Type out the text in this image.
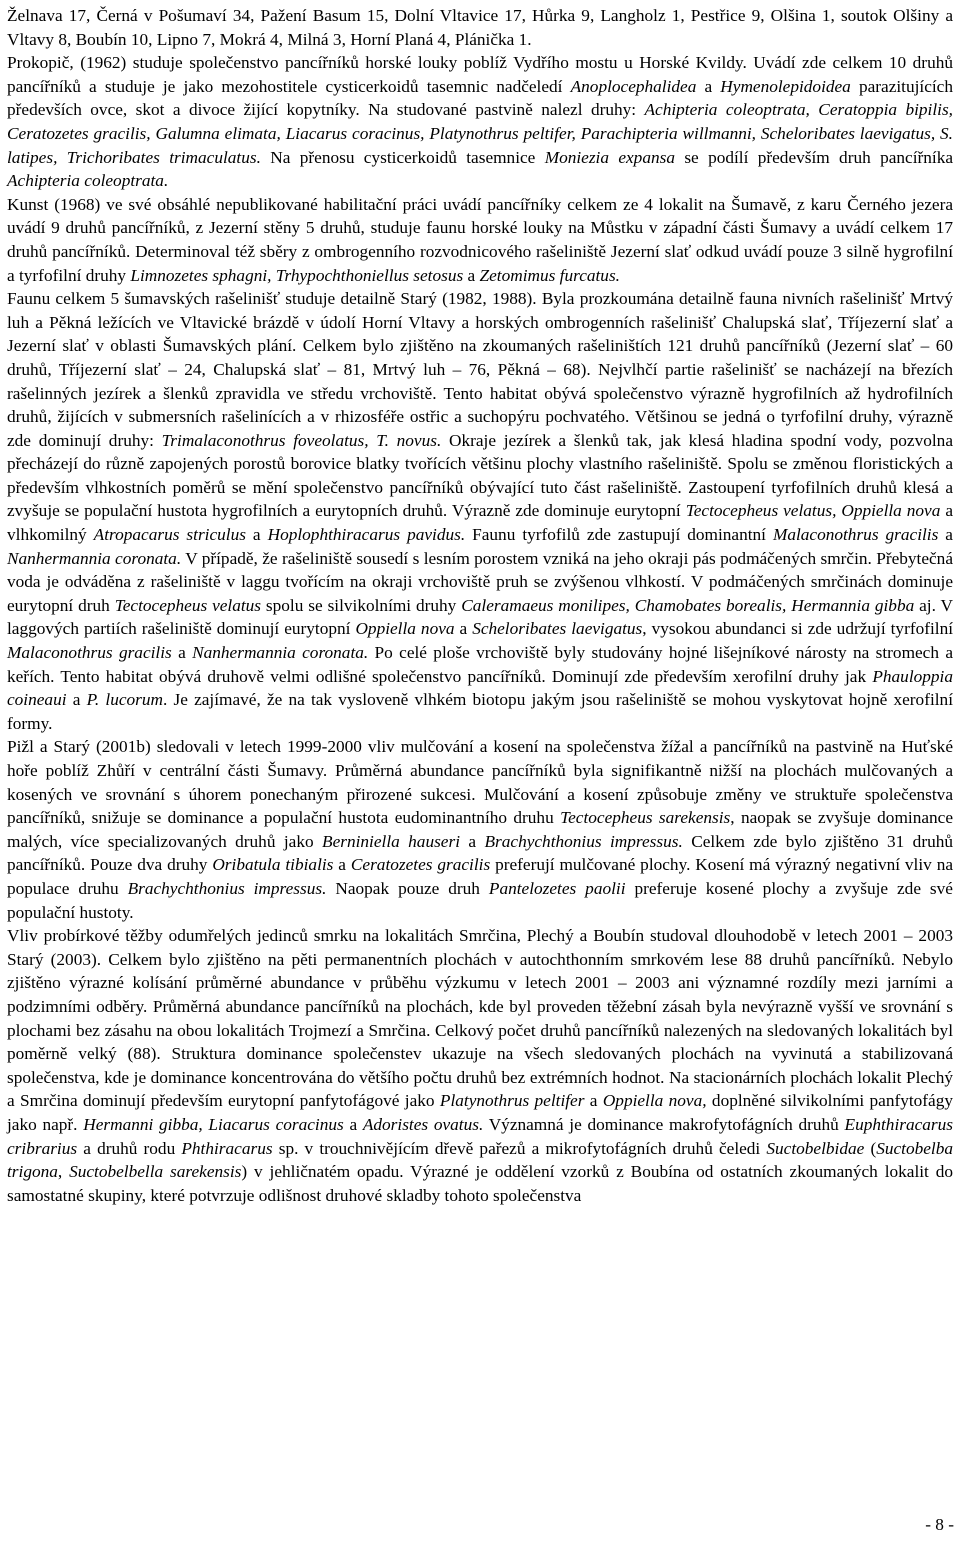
Želnava 17, Černá v Pošumaví 34, Pažení Basum 15, Dolní Vltavice 17, Hůrka 9, Langholz 1, Pestřice 9, Olšina 1, soutok Olšiny a Vltavy 8, Boubín 10, Lipno 7, Mokrá 4, Milná 3, Horní Planá 4, Plánička 1.

Prokopič, (1962) studuje společenstvo pancířníků horské louky poblíž Vydřího mostu u Horské Kvildy. Uvádí zde celkem 10 druhů pancířníků a studuje je jako mezohostitele cysticerkoidů tasemnic nadčeledí Anoplocephalidea a Hymenolepidoidea parazitujících předevších ovce, skot a divoce žijící kopytníky. Na studované pastvině nalezl druhy: Achipteria coleoptrata, Ceratoppia bipilis, Ceratozetes gracilis, Galumna elimata, Liacarus coracinus, Platynothrus peltifer, Parachipteria willmanni, Scheloribates laevigatus, S. latipes, Trichoribates trimaculatus. Na přenosu cysticerkoidů tasemnice Moniezia expansa se podílí především druh pancířníka Achipteria coleoptrata.

Kunst (1968) ve své obsáhlé nepublikované habilitační práci uvádí pancířníky celkem ze 4 lokalit na Šumavě, z karu Černého jezera uvádí 9 druhů pancířníků, z Jezerní stěny 5 druhů, studuje faunu horské louky na Můstku v západní části Šumavy a uvádí celkem 17 druhů pancířníků. Determinoval též sběry z ombrogenního rozvodnicového rašeliniště Jezerní slať odkud uvádí pouze 3 silně hygrofilní a tyrfofilní druhy Limnozetes sphagni, Trhypochthoniellus setosus a Zetomimus furcatus.

Faunu celkem 5 šumavských rašelinišť studuje detailně Starý (1982, 1988). Byla prozkoumána detailně fauna nivních rašelinišť Mrtvý luh a Pěkná ležících ve Vltavické brázdě v údolí Horní Vltavy a horských ombrogenních rašelinišť Chalupská slať, Tříjezerní slať a Jezerní slať v oblasti Šumavských plání. Celkem bylo zjištěno na zkoumaných rašeliništích 121 druhů pancířníků (Jezerní slať – 60 druhů, Tříjezerní slať – 24, Chalupská slať – 81, Mrtvý luh – 76, Pěkná – 68). Nejvlhčí partie rašelinišť se nacházejí na březích rašelinných jezírek a šlenků zpravidla ve středu vrchoviště. Tento habitat obývá společenstvo výrazně hygrofilních až hydrofilních druhů, žijících v submersních rašelinících a v rhizosféře ostřic a suchopýru pochvatého. Většinou se jedná o tyrfofilní druhy, výrazně zde dominují druhy: Trimalaconothrus foveolatus, T. novus. Okraje jezírek a šlenků tak, jak klesá hladina spodní vody, pozvolna přecházejí do různě zapojených porostů borovice blatky tvořících většinu plochy vlastního rašeliniště. Spolu se změnou floristických a především vlhkostních poměrů se mění společenstvo pancířníků obývající tuto část rašeliniště. Zastoupení tyrfofilních druhů klesá a zvyšuje se populační hustota hygrofilních a eurytopních druhů. Výrazně zde dominuje eurytopní Tectocepheus velatus, Oppiella nova a vlhkomilný Atropacarus striculus a Hoplophthiracarus pavidus. Faunu tyrfofilů zde zastupují dominantní Malaconothrus gracilis a Nanhermannia coronata. V případě, že rašeliniště sousedí s lesním porostem vzniká na jeho okraji pás podmáčených smrčin. Přebytečná voda je odváděna z rašeliniště v laggu tvořícím na okraji vrchoviště pruh se zvýšenou vlhkostí. V podmáčených smrčinách dominuje eurytopní druh Tectocepheus velatus spolu se silvikolními druhy Caleramaeus monilipes, Chamobates borealis, Hermannia gibba aj. V laggových partiích rašeliniště dominují eurytopní Oppiella nova a Scheloribates laevigatus, vysokou abundanci si zde udržují tyrfofilní Malaconothrus gracilis a Nanhermannia coronata. Po celé ploše vrchoviště byly studovány hojné lišejníkové nárosty na stromech a keřích. Tento habitat obývá druhově velmi odlišné společenstvo pancířníků. Dominují zde především xerofilní druhy jak Phauloppia coineaui a P. lucorum. Je zajímavé, že na tak vysloveně vlhkém biotopu jakým jsou rašeliniště se mohou vyskytovat hojně xerofilní formy.

Pižl a Starý (2001b) sledovali v letech 1999-2000 vliv mulčování a kosení na společenstva žížal a pancířníků na pastvině na Huťské hoře poblíž Zhůří v centrální části Šumavy. Průměrná abundance pancířníků byla signifikantně nižší na plochách mulčovaných a kosených ve srovnání s úhorem ponechaným přirozené sukcesi. Mulčování a kosení způsobuje změny ve struktuře společenstva pancířníků, snižuje se dominance a populační hustota eudominantního druhu Tectocepheus sarekensis, naopak se zvyšuje dominance malých, více specializovaných druhů jako Berniniella hauseri a Brachychthonius impressus. Celkem zde bylo zjištěno 31 druhů pancířníků. Pouze dva druhy Oribatula tibialis a Ceratozetes gracilis preferují mulčované plochy. Kosení má výrazný negativní vliv na populace druhu Brachychthonius impressus. Naopak pouze druh Pantelozetes paolii preferuje kosené plochy a zvyšuje zde své populační hustoty.

Vliv probírkové těžby odumřelých jedinců smrku na lokalitách Smrčina, Plechý a Boubín studoval dlouhodobě v letech 2001 – 2003 Starý (2003). Celkem bylo zjištěno na pěti permanentních plochách v autochthonním smrkovém lese 88 druhů pancířníků. Nebylo zjištěno výrazné kolísání průměrné abundance v průběhu výzkumu v letech 2001 – 2003 ani významné rozdíly mezi jarními a podzimními odběry. Průměrná abundance pancířníků na plochách, kde byl proveden těžební zásah byla nevýrazně vyšší ve srovnání s plochami bez zásahu na obou lokalitách Trojmezí a Smrčina. Celkový počet druhů pancířníků nalezených na sledovaných lokalitách byl poměrně velký (88). Struktura dominance společenstev ukazuje na všech sledovaných plochách na vyvinutá a stabilizovaná společenstva, kde je dominance koncentrována do většího počtu druhů bez extrémních hodnot. Na stacionárních plochách lokalit Plechý a Smrčina dominují především eurytopní panfytofágové jako Platynothrus peltifer a Oppiella nova, doplněné silvikolními panfytofágy jako např. Hermanni gibba, Liacarus coracinus a Adoristes ovatus. Významná je dominance makrofytofágních druhů Euphthiracarus cribrarius a druhů rodu Phthiracarus sp. v trouchnivějícím dřevě pařezů a mikrofytofágních druhů čeledi Suctobelbidae (Suctobelba trigona, Suctobelbella sarekensis) v jehličnatém opadu. Výrazné je oddělení vzorků z Boubína od ostatních zkoumaných lokalit do samostatné skupiny, které potvrzuje odlišnost druhové skladby tohoto společenstva

- 8 -
